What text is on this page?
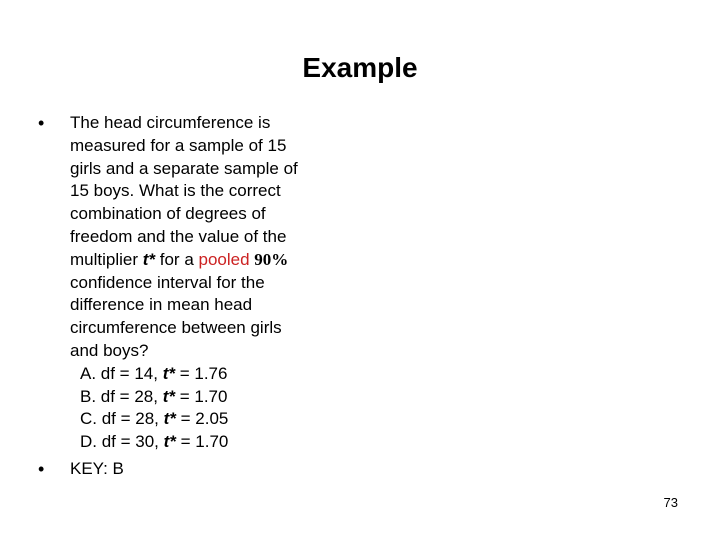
Example
• The head circumference is
measured for a sample of 15
girls and a separate sample of
15 boys. What is the correct
combination of degrees of
freedom and the value of the
multiplier t* for a pooled 90%
confidence interval for the
difference in mean head
circumference between girls
and boys?
A. df = 14, t* = 1.76
B. df = 28, t* = 1.70
C. df = 28, t* = 2.05
D. df = 30, t* = 1.70
• KEY: B
73
